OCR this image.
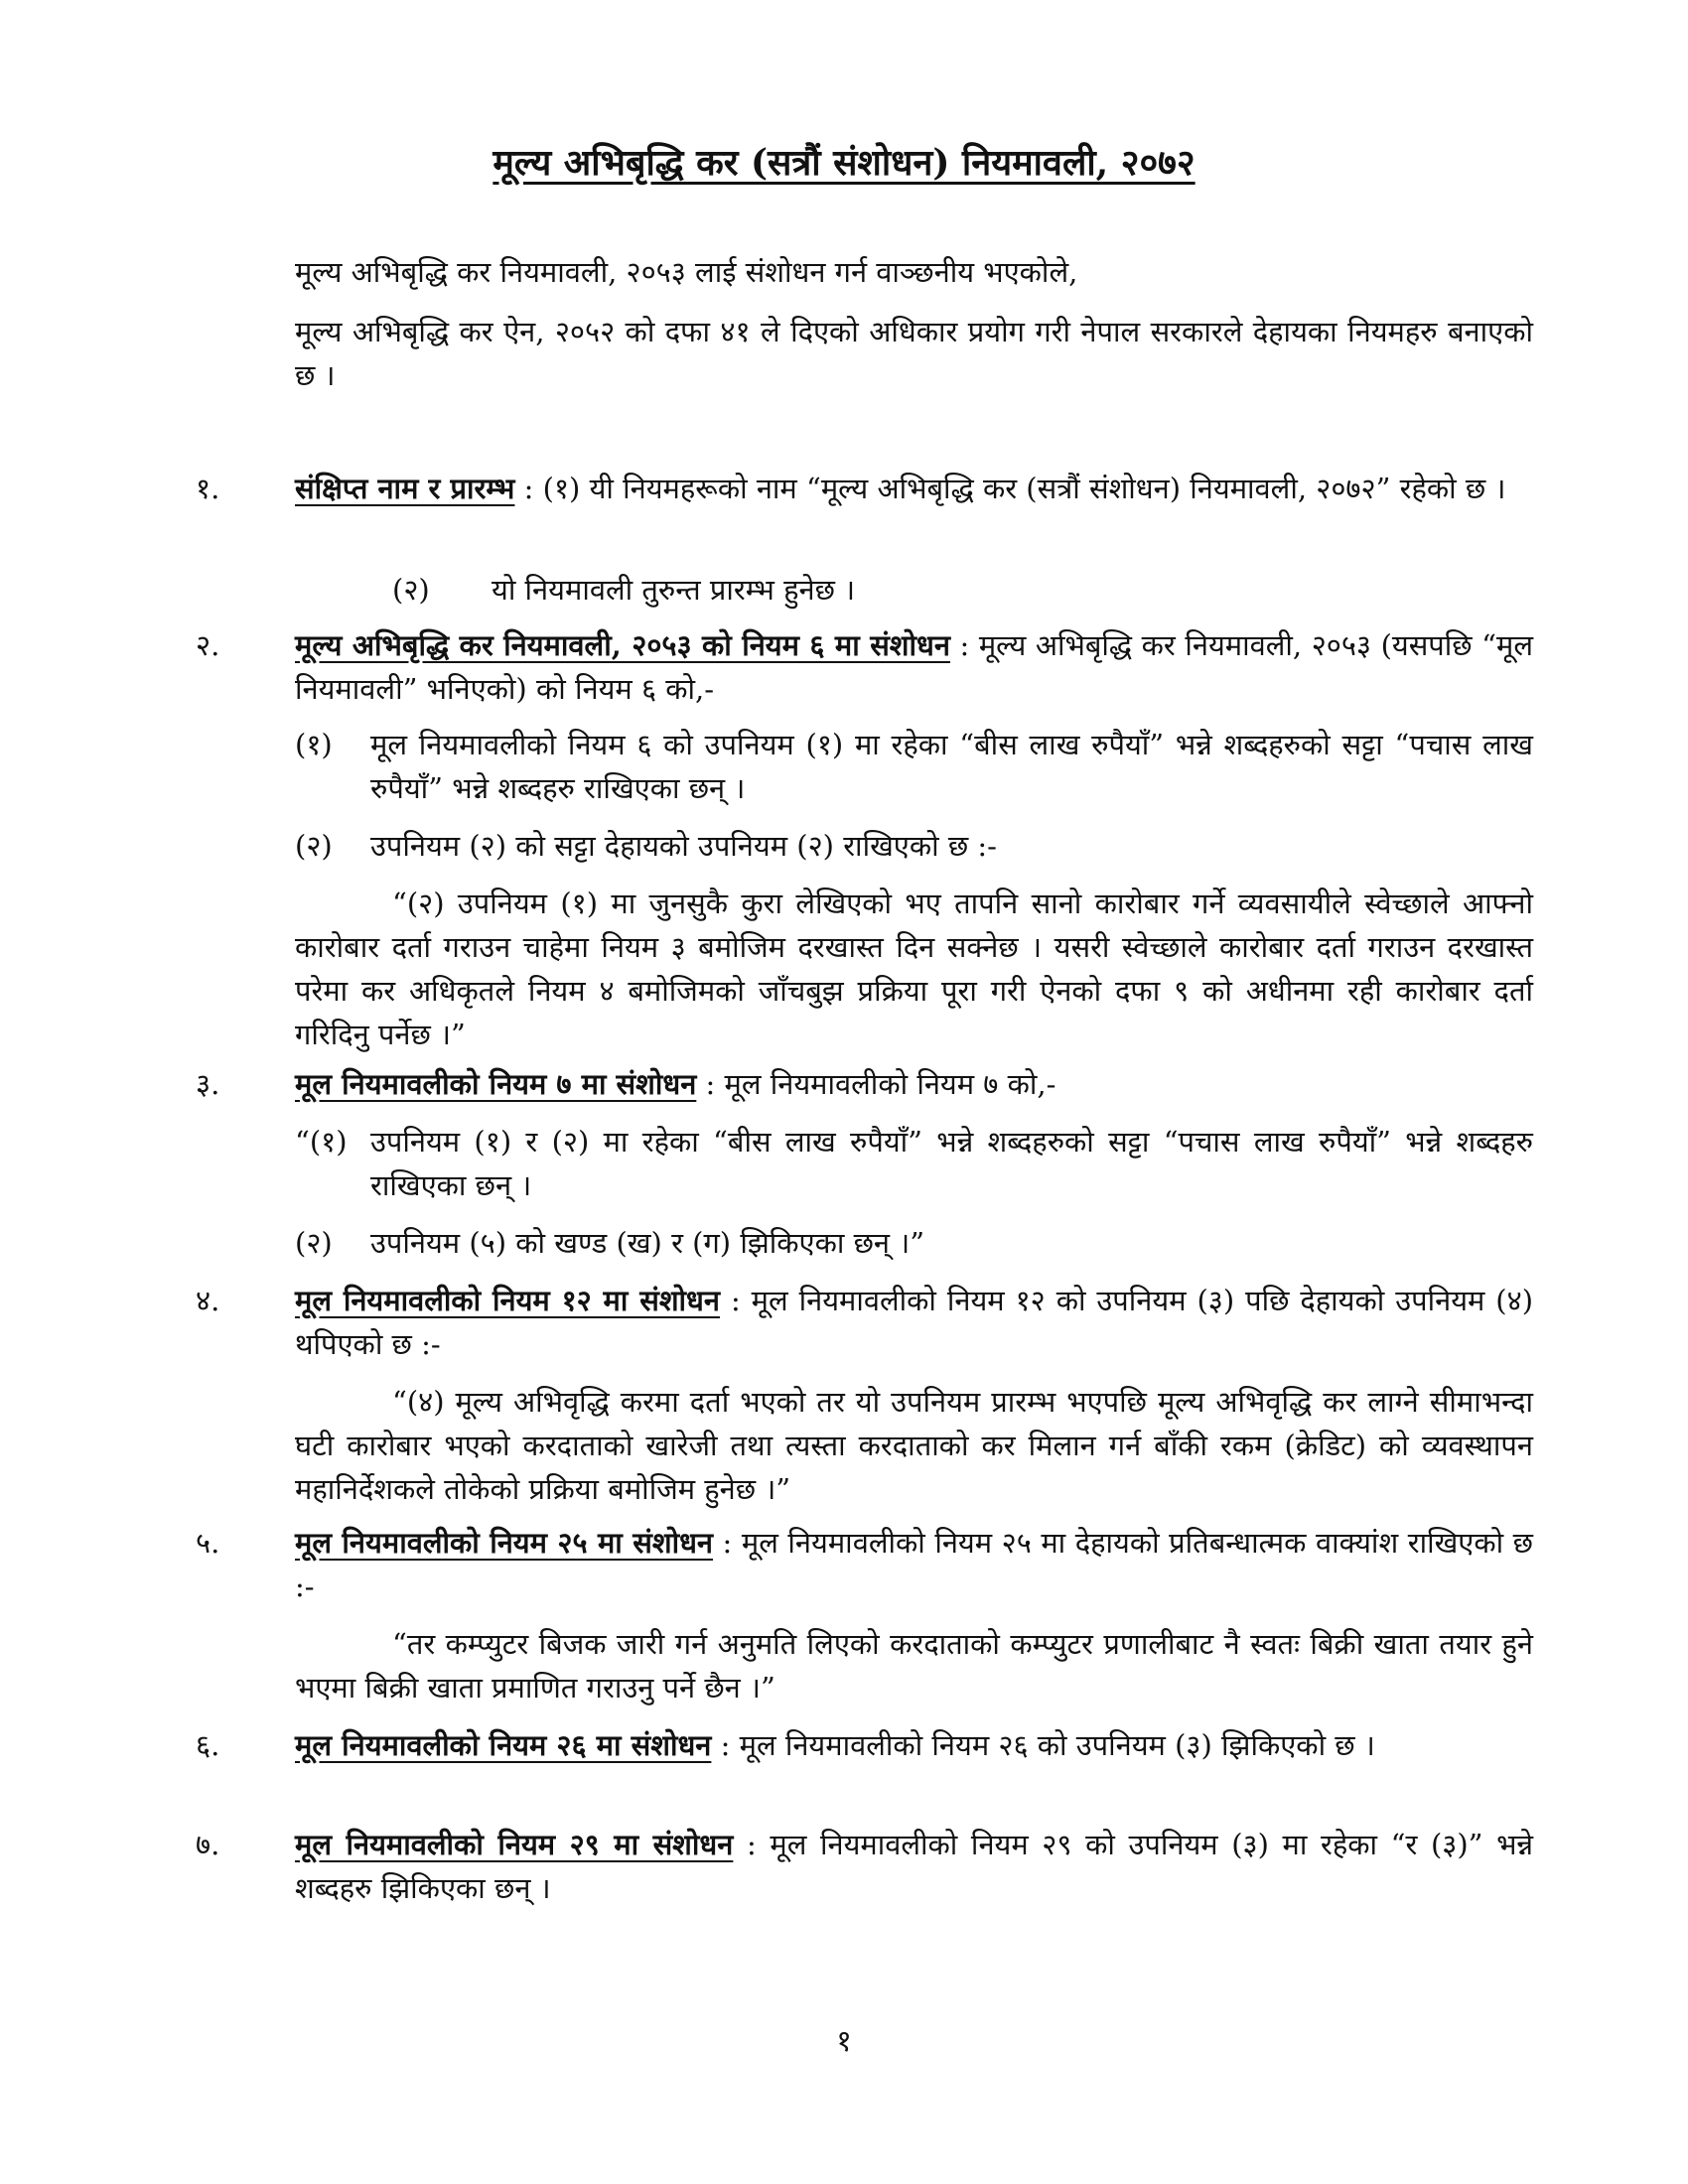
मूल्य अभिबृद्धि कर (सत्रौं संशोधन) नियमावली, २०७२
मूल्य अभिबृद्धि कर नियमावली, २०५३ लाई संशोधन गर्न वाञ्छनीय भएकोले,
मूल्य अभिबृद्धि कर ऐन, २०५२ को दफा ४१ ले दिएको अधिकार प्रयोग गरी नेपाल सरकारले देहायका नियमहरु बनाएको छ ।
१.	संक्षिप्त नाम र प्रारम्भ : (१) यी नियमहरूको नाम “मूल्य अभिबृद्धि कर (सत्रौं संशोधन) नियमावली, २०७२” रहेको छ ।
(२) यो नियमावली तुरुन्त प्रारम्भ हुनेछ ।
२.	मूल्य अभिबृद्धि कर नियमावली, २०५३ को नियम ६ मा संशोधन : मूल्य अभिबृद्धि कर नियमावली, २०५३ (यसपछि “मूल नियमावली” भनिएको) को नियम ६ को,-
(१) मूल नियमावलीको नियम ६ को उपनियम (१) मा रहेका “बीस लाख रुपैयाँ” भन्ने शब्दहरुको सट्टा “पचास लाख रुपैयाँ” भन्ने शब्दहरु राखिएका छन् ।
(२) उपनियम (२) को सट्टा देहायको उपनियम (२) राखिएको छ :-
“(२) उपनियम (१) मा जुनसुकै कुरा लेखिएको भए तापनि सानो कारोबार गर्ने व्यवसायीले स्वेच्छाले आफ्नो कारोबार दर्ता गराउन चाहेमा नियम ३ बमोजिम दरखास्त दिन सक्नेछ । यसरी स्वेच्छाले कारोबार दर्ता गराउन दरखास्त परेमा कर अधिकृतले नियम ४ बमोजिमको जाँचबुझ प्रक्रिया पूरा गरी ऐनको दफा ९ को अधीनमा रही कारोबार दर्ता गरिदिनु पर्नेछ ।”
३.	मूल नियमावलीको नियम ७ मा संशोधन : मूल नियमावलीको नियम ७ को,-
“(१) उपनियम (१) र (२) मा रहेका “बीस लाख रुपैयाँ” भन्ने शब्दहरुको सट्टा “पचास लाख रुपैयाँ” भन्ने शब्दहरु राखिएका छन् ।
(२) उपनियम (५) को खण्ड (ख) र (ग) झिकिएका छन् ।”
४.	मूल नियमावलीको नियम १२ मा संशोधन : मूल नियमावलीको नियम १२ को उपनियम (३) पछि देहायको उपनियम (४) थपिएको छ :-
“(४) मूल्य अभिवृद्धि करमा दर्ता भएको तर यो उपनियम प्रारम्भ भएपछि मूल्य अभिवृद्धि कर लाग्ने सीमाभन्दा घटी कारोबार भएको करदाताको खारेजी तथा त्यस्ता करदाताको कर मिलान गर्न बाँकी रकम (क्रेडिट) को व्यवस्थापन महानिर्देशकले तोकेको प्रक्रिया बमोजिम हुनेछ ।”
५.	मूल नियमावलीको नियम २५ मा संशोधन : मूल नियमावलीको नियम २५ मा देहायको प्रतिबन्धात्मक वाक्यांश राखिएको छ :-
“तर कम्प्युटर बिजक जारी गर्न अनुमति लिएको करदाताको कम्प्युटर प्रणालीबाट नै स्वतः बिक्री खाता तयार हुने भएमा बिक्री खाता प्रमाणित गराउनु पर्ने छैन ।”
६.	मूल नियमावलीको नियम २६ मा संशोधन : मूल नियमावलीको नियम २६ को उपनियम (३) झिकिएको छ ।
७.	मूल नियमावलीको नियम २९ मा संशोधन : मूल नियमावलीको नियम २९ को उपनियम (३) मा रहेका “र (३)” भन्ने शब्दहरु झिकिएका छन् ।
१
